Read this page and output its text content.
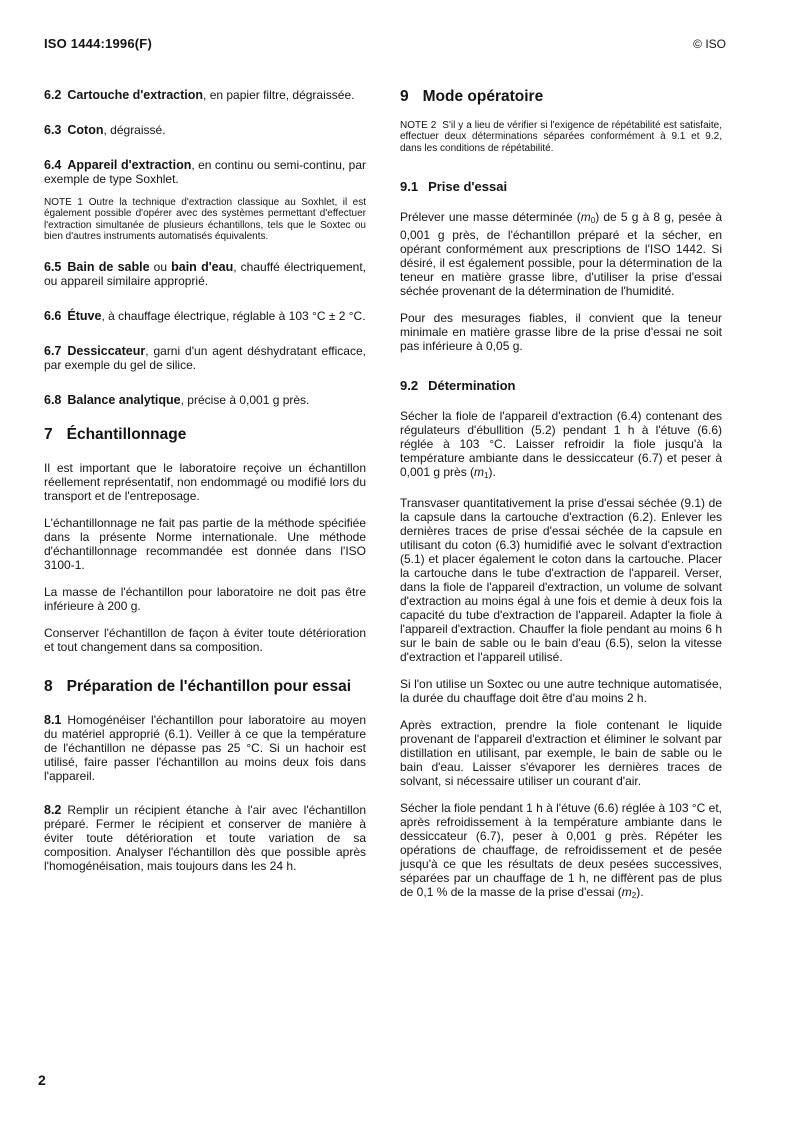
ISO 1444:1996(F)	© ISO
6.2 Cartouche d'extraction, en papier filtre, dégraissée.
6.3 Coton, dégraissé.
6.4 Appareil d'extraction, en continu ou semi-continu, par exemple de type Soxhlet.
NOTE 1 Outre la technique d'extraction classique au Soxhlet, il est également possible d'opérer avec des systèmes permettant d'effectuer l'extraction simultanée de plusieurs échantillons, tels que le Soxtec ou bien d'autres instruments automatisés équivalents.
6.5 Bain de sable ou bain d'eau, chauffé électriquement, ou appareil similaire approprié.
6.6 Étuve, à chauffage électrique, réglable à 103 °C ± 2 °C.
6.7 Dessiccateur, garni d'un agent déshydratant efficace, par exemple du gel de silice.
6.8 Balance analytique, précise à 0,001 g près.
7 Échantillonnage

Il est important que le laboratoire reçoive un échantillon réellement représentatif, non endommagé ou modifié lors du transport et de l'entreposage.

L'échantillonnage ne fait pas partie de la méthode spécifiée dans la présente Norme internationale. Une méthode d'échantillonnage recommandée est donnée dans l'ISO 3100-1.

La masse de l'échantillon pour laboratoire ne doit pas être inférieure à 200 g.

Conserver l'échantillon de façon à éviter toute détérioration et tout changement dans sa composition.

8 Préparation de l'échantillon pour essai

8.1 Homogénéiser l'échantillon pour laboratoire au moyen du matériel approprié (6.1). Veiller à ce que la température de l'échantillon ne dépasse pas 25 °C. Si un hachoir est utilisé, faire passer l'échantillon au moins deux fois dans l'appareil.

8.2 Remplir un récipient étanche à l'air avec l'échantillon préparé. Fermer le récipient et conserver de manière à éviter toute détérioration et toute variation de sa composition. Analyser l'échantillon dès que possible après l'homogénéisation, mais toujours dans les 24 h.

9 Mode opératoire
NOTE 2 S'il y a lieu de vérifier si l'exigence de répétabilité est satisfaite, effectuer deux déterminations séparées conformément à 9.1 et 9.2, dans les conditions de répétabilité.
9.1 Prise d'essai

Prélever une masse déterminée $(m_0)$ de 5 g à 8 g, pesée à 0,001 g près, de l'échantillon préparé et la sécher, en opérant conformément aux prescriptions de l'ISO 1442. Si désiré, il est également possible, pour la détermination de la teneur en matière grasse libre, d'utiliser la prise d'essai séchée provenant de la détermination de l'humidité.

Pour des mesurages fiables, il convient que la teneur minimale en matière grasse libre de la prise d'essai ne soit pas inférieure à 0,05 g.

9.2 Détermination

Sécher la fiole de l'appareil d'extraction (6.4) contenant des régulateurs d'ébullition (5.2) pendant 1 h à l'étuve (6.6) réglée à 103 °C. Laisser refroidir la fiole jusqu'à la température ambiante dans le dessiccateur (6.7) et peser à 0,001 g près $(m_1)$.

Transvaser quantitativement la prise d'essai séchée (9.1) de la capsule dans la cartouche d'extraction (6.2). Enlever les dernières traces de prise d'essai séchée de la capsule en utilisant du coton (6.3) humidifié avec le solvant d'extraction (5.1) et placer également le coton dans la cartouche. Placer la cartouche dans le tube d'extraction de l'appareil. Verser, dans la fiole de l'appareil d'extraction, un volume de solvant d'extraction au moins égal à une fois et demie à deux fois la capacité du tube d'extraction de l'appareil. Adapter la fiole à l'appareil d'extraction. Chauffer la fiole pendant au moins 6 h sur le bain de sable ou le bain d'eau (6.5), selon la vitesse d'extraction et l'appareil utilisé.

Si l'on utilise un Soxtec ou une autre technique automatisée, la durée du chauffage doit être d'au moins 2 h.

Après extraction, prendre la fiole contenant le liquide provenant de l'appareil d'extraction et éliminer le solvant par distillation en utilisant, par exemple, le bain de sable ou le bain d'eau. Laisser s'évaporer les dernières traces de solvant, si nécessaire utiliser un courant d'air.

Sécher la fiole pendant 1 h à l'étuve (6.6) réglée à 103 °C et, après refroidissement à la température ambiante dans le dessiccateur (6.7), peser à 0,001 g près. Répéter les opérations de chauffage, de refroidissement et de pesée jusqu'à ce que les résultats de deux pesées successives, séparées par un chauffage de 1 h, ne diffèrent pas de plus de 0,1 % de la masse de la prise d'essai $(m_2)$.

2
